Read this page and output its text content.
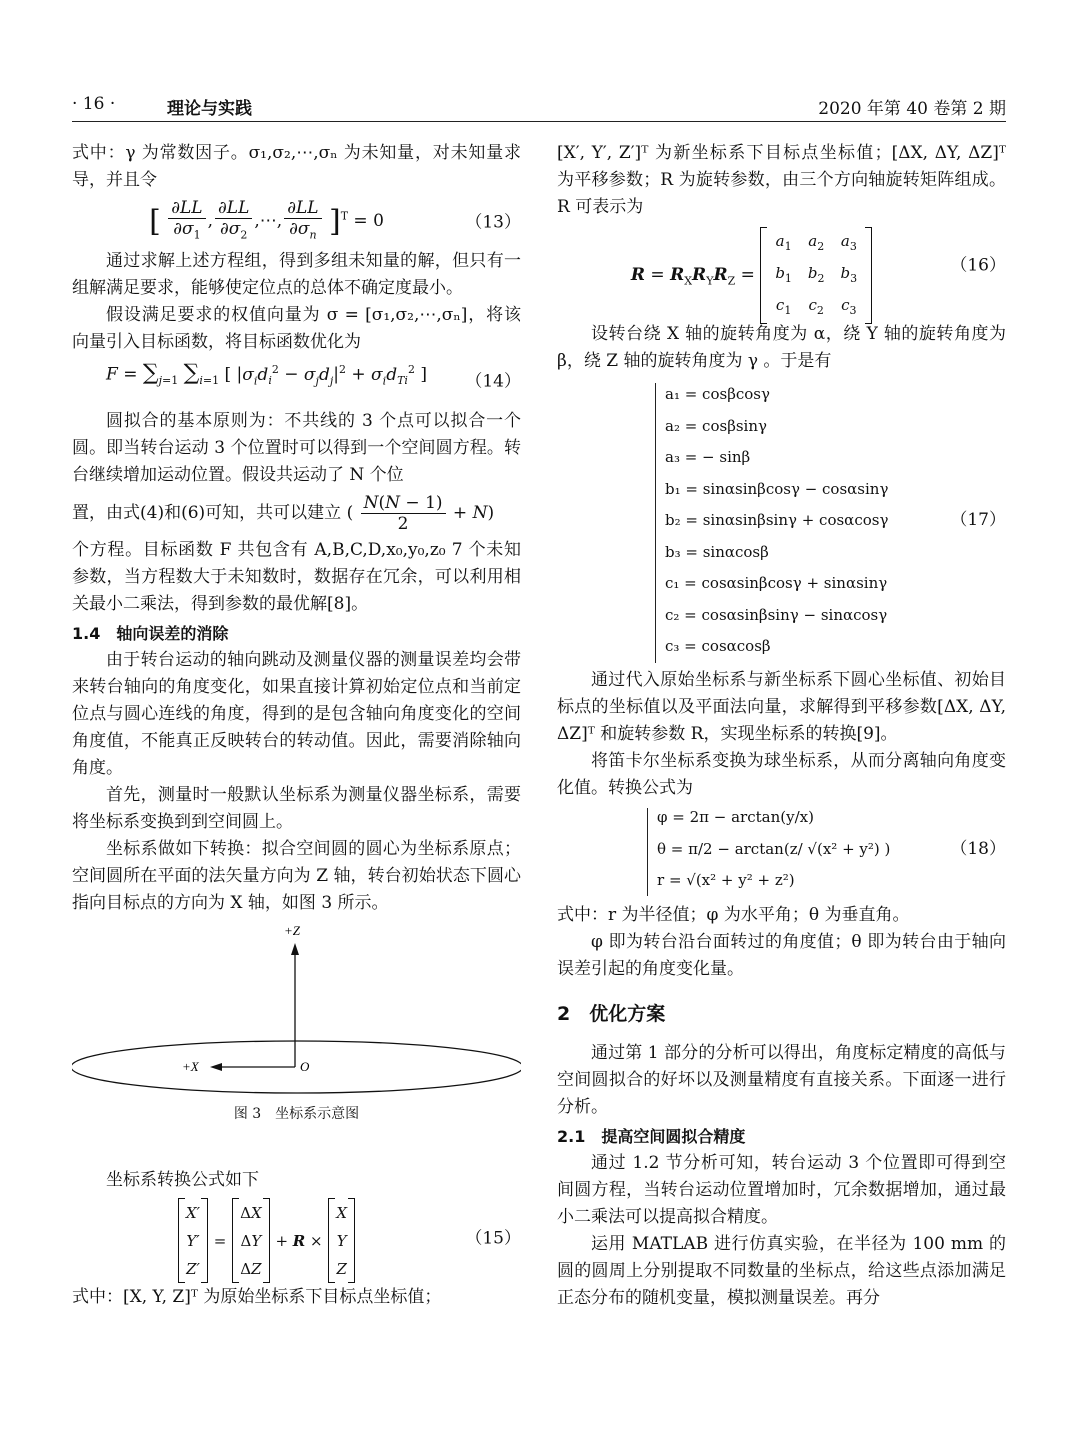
· 16 ·	理论与实践	2020 年第 40 卷第 2 期

式中：γ 为常数因子。σ₁,σ₂,⋯,σₙ 为未知量，对未知量求导，并且令

[ $\frac{\partial LL}{\partial\sigma_1}$ , $\frac{\partial LL}{\partial\sigma_2}$ ,⋯, $\frac{\partial LL}{\partial\sigma_n} ]^T = 0$	（13）

通过求解上述方程组，得到多组未知量的解，但只有一组解满足要求，能够使定位点的总体不确定度最小。

假设满足要求的权值向量为 σ = [σ₁,σ₂,⋯,σₙ]，将该向量引入目标函数，将目标函数优化为

$F = \sum_{j=1}$ $\sum_{i=1}$ [ $|\sigma_id_i^2 - \sigma_jd_j|^2 + \sigma_id_{Ti}^2$ ]	（14）

圆拟合的基本原则为：不共线的 3 个点可以拟合一个圆。即当转台运动 3 个位置时可以得到一个空间圆方程。转台继续增加运动位置。假设共运动了 N 个位

置，由式(4)和(6)可知，共可以建立 ( $\frac{N(N - 1)}{2} + N$)

个方程。目标函数 F 共包含有 A,B,C,D,x₀,y₀,z₀ 7 个未知参数，当方程数大于未知数时，数据存在冗余，可以利用相关最小二乘法，得到参数的最优解[8]。

1.4　轴向误差的消除

由于转台运动的轴向跳动及测量仪器的测量误差均会带来转台轴向的角度变化，如果直接计算初始定位点和当前定位点与圆心连线的角度，得到的是包含轴向角度变化的空间角度值，不能真正反映转台的转动值。因此，需要消除轴向角度。

首先，测量时一般默认坐标系为测量仪器坐标系，需要将坐标系变换到到空间圆上。

坐标系做如下转换：拟合空间圆的圆心为坐标系原点；空间圆所在平面的法矢量方向为 Z 轴，转台初始状态下圆心指向目标点的方向为 X 轴，如图 3 所示。

+Z
+X	O

图 3　坐标系示意图

坐标系转换公式如下

	X′		=		ΔX		+ R ×		X	
	Y′				ΔY				Y	
	Z′				ΔZ				Z	
（15）

式中：[X, Y, Z]ᵀ 为原始坐标系下目标点坐标值；

[X′, Y′, Z′]ᵀ 为新坐标系下目标点坐标值；[ΔX, ΔY, ΔZ]ᵀ 为平移参数；R 为旋转参数，由三个方向轴旋转矩阵组成。R 可表示为

$R = R_XR_YR_Z$ =	$a_1$	$a_2$	$a_3$	
	$b_1$	$b_2$	$b_3$
	$c_1$	$c_2$	$c_3$
（16）

设转台绕 X 轴的旋转角度为 α，绕 Y 轴的旋转角度为 β，绕 Z 轴的旋转角度为 γ 。于是有

a₁ = cosβcosγ
a₂ = cosβsinγ
a₃ = − sinβ
b₁ = sinαsinβcosγ − cosαsinγ
b₂ = sinαsinβsinγ + cosαcosγ
b₃ = sinαcosβ
c₁ = cosαsinβcosγ + sinαsinγ
c₂ = cosαsinβsinγ − sinαcosγ
c₃ = cosαcosβ
（17）

通过代入原始坐标系与新坐标系下圆心坐标值、初始目标点的坐标值以及平面法向量，求解得到平移参数[ΔX, ΔY, ΔZ]ᵀ 和旋转参数 R，实现坐标系的转换[9]。

将笛卡尔坐标系变换为球坐标系，从而分离轴向角度变化值。转换公式为

φ = 2π − arctan(y/x)
θ = π/2 − arctan(z/ √(x² + y²) )
r = √(x² + y² + z²)
（18）

式中：r 为半径值；φ 为水平角；θ 为垂直角。

φ 即为转台沿台面转过的角度值；θ 即为转台由于轴向误差引起的角度变化量。

2　优化方案

通过第 1 部分的分析可以得出，角度标定精度的高低与空间圆拟合的好坏以及测量精度有直接关系。下面逐一进行分析。

2.1　提高空间圆拟合精度

通过 1.2 节分析可知，转台运动 3 个位置即可得到空间圆方程，当转台运动位置增加时，冗余数据增加，通过最小二乘法可以提高拟合精度。

运用 MATLAB 进行仿真实验，在半径为 100 mm 的圆的圆周上分别提取不同数量的坐标点，给这些点添加满足正态分布的随机变量，模拟测量误差。再分
